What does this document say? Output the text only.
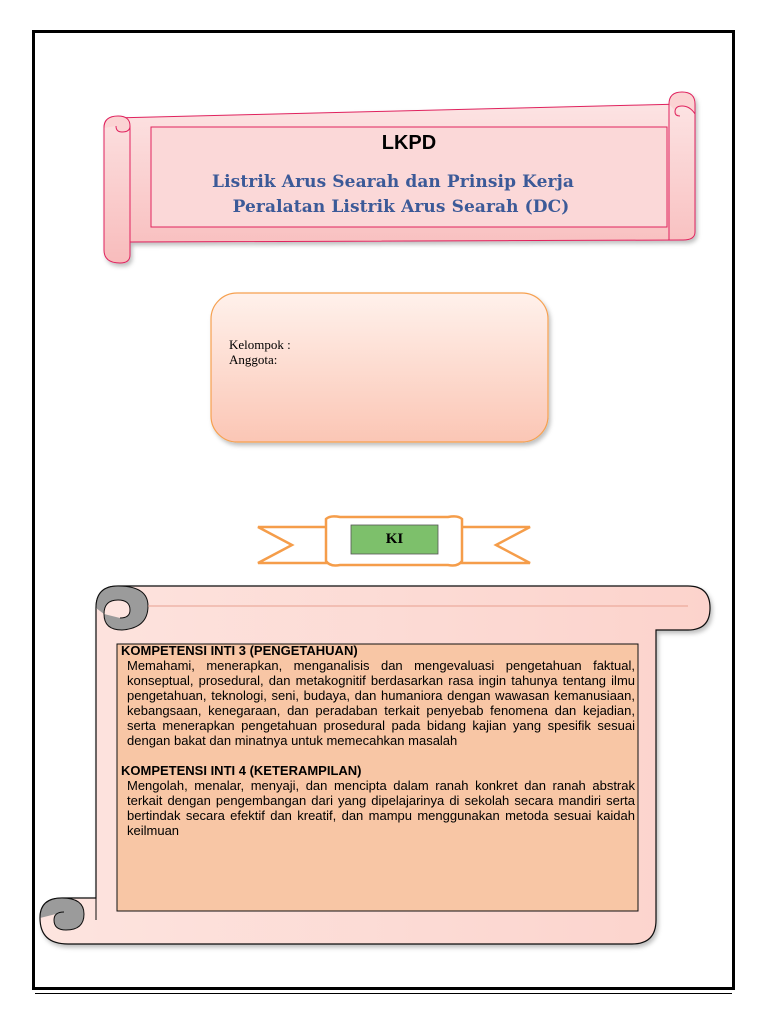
LKPD
Listrik Arus Searah dan Prinsip Kerja
Peralatan Listrik Arus Searah (DC)
Kelompok :
Anggota:
KI
KOMPETENSI INTI 3 (PENGETAHUAN)

Memahami, menerapkan, menganalisis dan mengevaluasi pengetahuan faktual, konseptual, prosedural, dan metakognitif berdasarkan rasa ingin tahunya tentang ilmu pengetahuan, teknologi, seni, budaya, dan humaniora dengan wawasan kemanusiaan, kebangsaan, kenegaraan, dan peradaban terkait penyebab fenomena dan kejadian, serta menerapkan pengetahuan prosedural pada bidang kajian yang spesifik sesuai dengan bakat dan minatnya untuk memecahkan masalah

KOMPETENSI INTI 4 (KETERAMPILAN)

Mengolah, menalar, menyaji, dan mencipta dalam ranah konkret dan ranah abstrak terkait dengan pengembangan dari yang dipelajarinya di sekolah secara mandiri serta bertindak secara efektif dan kreatif, dan mampu menggunakan metoda sesuai kaidah keilmuan
